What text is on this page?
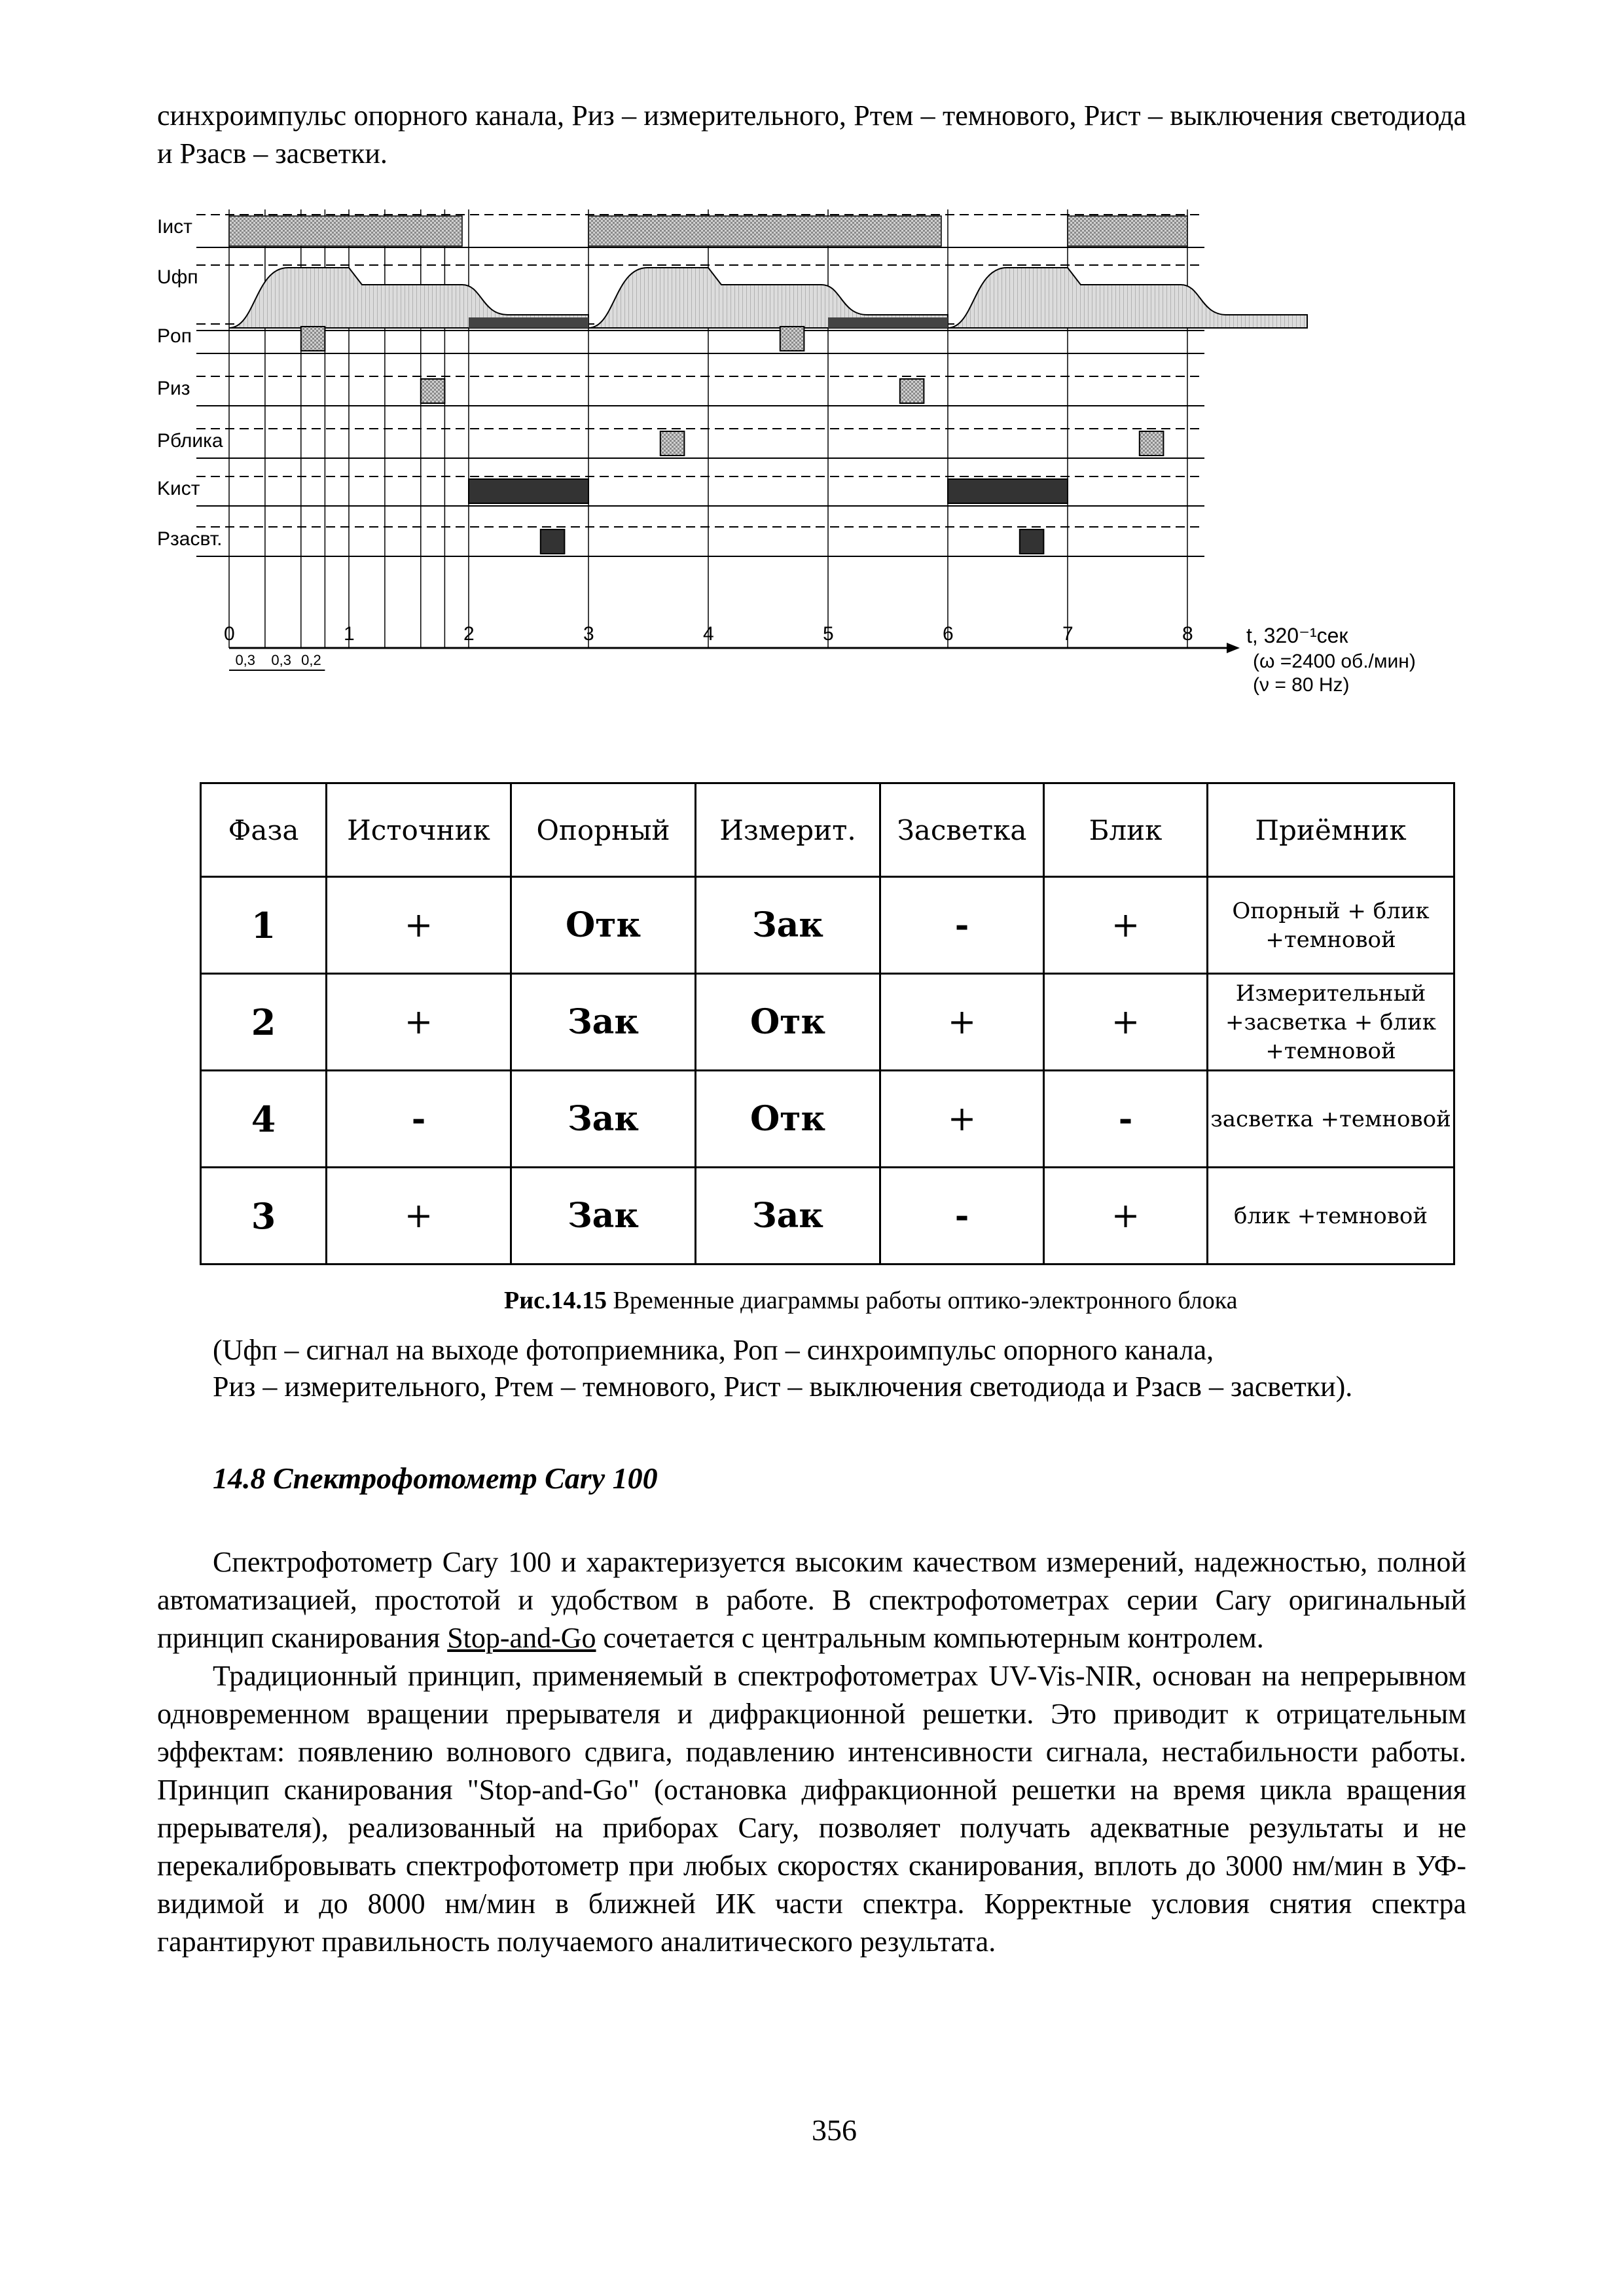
синхроимпульс опорного канала, Риз – измерительного, Ртем – темнового, Рист – выключения светодиода и Рзасв – засветки.
0	1	2	3	4	5	6	7	8
0,3 0,3 0,2
t, 320⁻¹сек
(ω =2400 об./мин)
(ν = 80 Hz)
Iист
Uфп
Pоп
Pиз
Pблика
Kист
Pзасвт.
Фаза	Источник	Опорный	Измерит.	Засветка	Блик	Приёмник
1	+	Отк	Зак	-	+	Опорный + блик +темновой
2	+	Зак	Отк	+	+	Измерительный +засветка + блик +темновой
4	-	Зак	Отк	+	-	засветка +темновой
3	+	Зак	Зак	-	+	блик +темновой
Рис.14.15 Временные диаграммы работы оптико-электронного блока
(Uфп – сигнал на выходе фотоприемника, Роп – синхроимпульс опорного канала,
Риз – измерительного, Ртем – темнового, Рист – выключения светодиода и Рзасв – засветки).
14.8 Спектрофотометр Cary 100
Спектрофотометр Cary 100 и характеризуется высоким качеством измерений, надежностью, полной автоматизацией, простотой и удобством в работе. В спектрофотометрах серии Cary оригинальный принцип сканирования Stop-and-Go сочетается с центральным компьютерным контролем.
Традиционный принцип, применяемый в спектрофотометрах UV-Vis-NIR, основан на непрерывном одновременном вращении прерывателя и дифракционной решетки. Это приводит к отрицательным эффектам: появлению волнового сдвига, подавлению интенсивности сигнала, нестабильности работы. Принцип сканирования "Stop-and-Go" (остановка дифракционной решетки на время цикла вращения прерывателя), реализованный на приборах Cary, позволяет получать адекватные результаты и не перекалибровывать спектрофотометр при любых скоростях сканирования, вплоть до 3000 нм/мин в УФ-видимой и до 8000 нм/мин в ближней ИК части спектра. Корректные условия снятия спектра гарантируют правильность получаемого аналитического результата.
356
